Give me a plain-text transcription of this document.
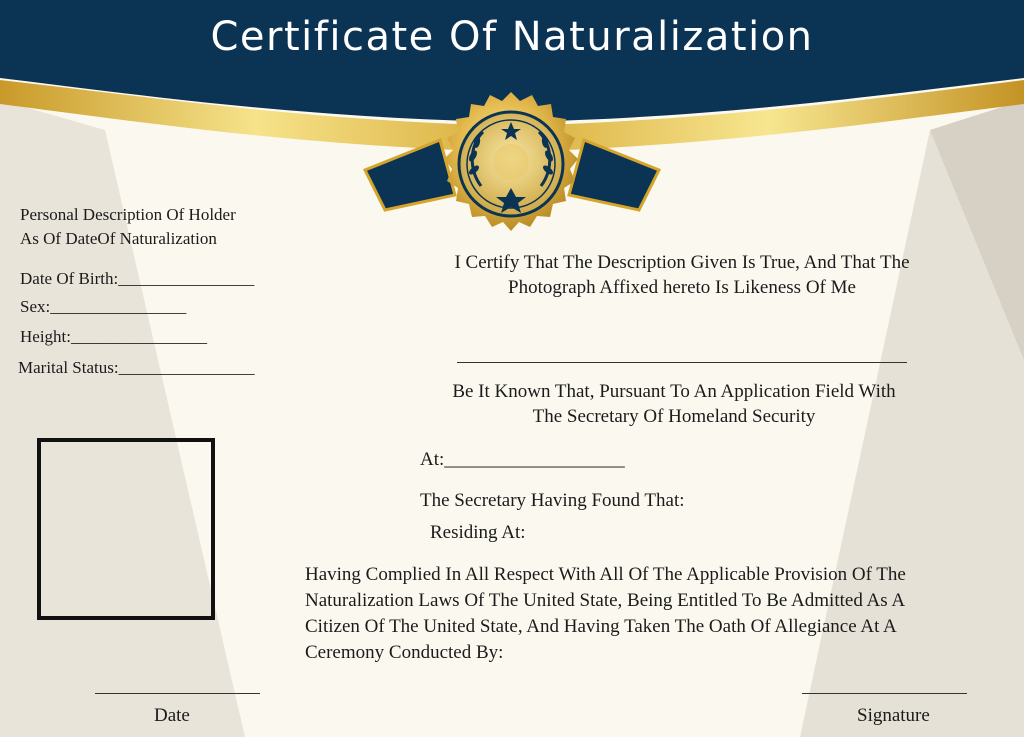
Certificate Of Naturalization
Personal Description Of Holder
As Of DateOf Naturalization
Date Of Birth:________________
Sex:________________
Height:________________
Marital Status:________________
I Certify That The Description Given Is True, And That The
Photograph Affixed hereto Is Likeness Of Me
Be It Known That, Pursuant To An Application Field With
The Secretary Of Homeland Security
At:___________________
The Secretary Having Found That:
Residing At:
Having Complied In All Respect With All Of The Applicable Provision Of The
Naturalization Laws Of The United State, Being Entitled To Be Admitted As A
Citizen Of The United State, And Having Taken The Oath Of Allegiance At A
Ceremony Conducted By:
Date	Signature
